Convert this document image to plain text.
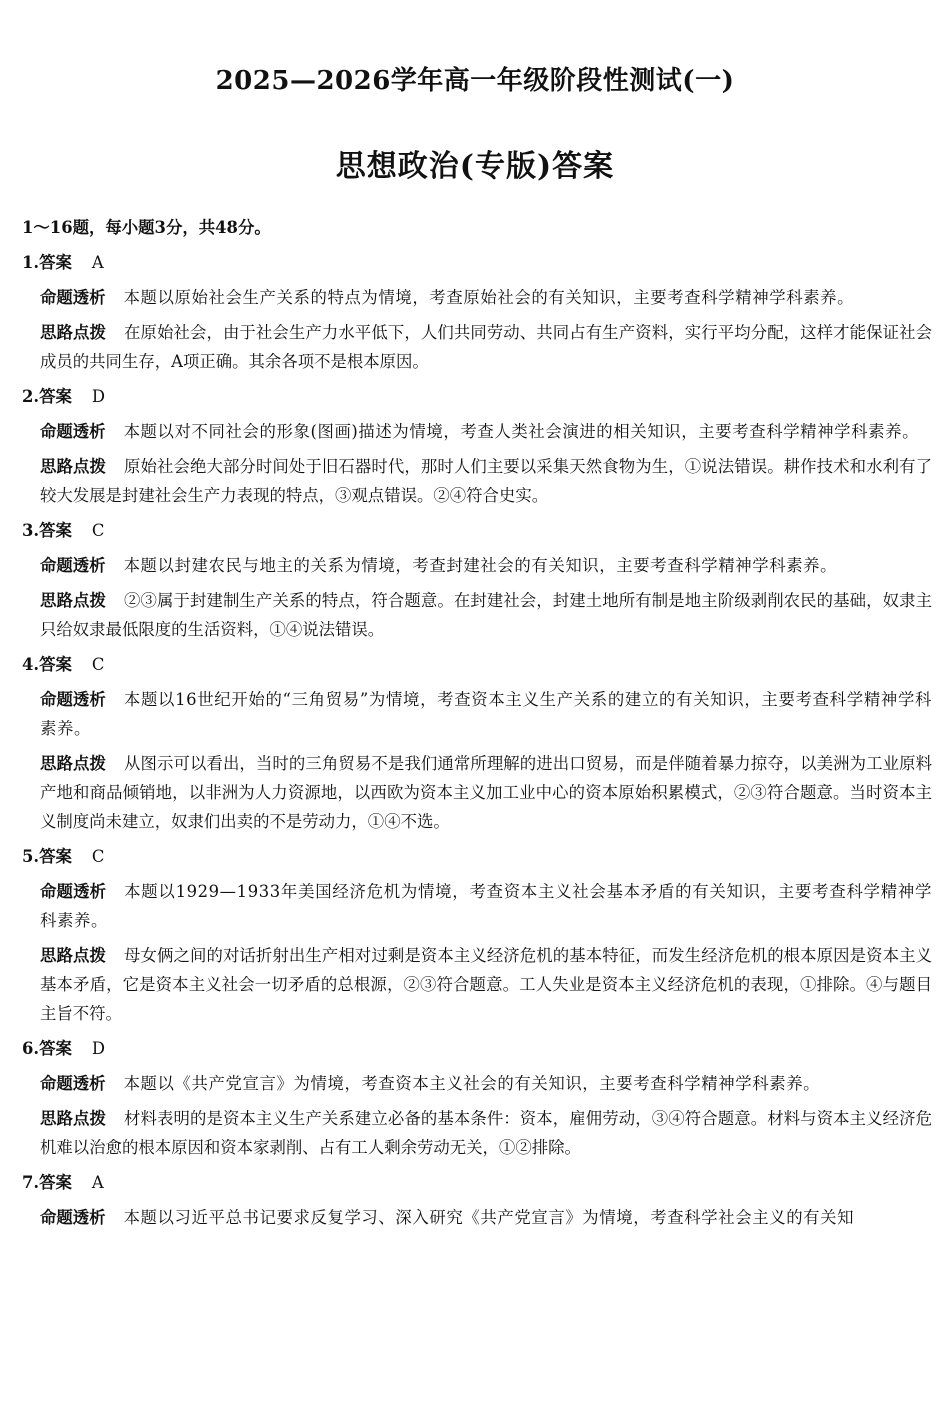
2025—2026学年高一年级阶段性测试(一)
思想政治(专版)答案
1～16题，每小题3分，共48分。
1.答案 A
命题透析 本题以原始社会生产关系的特点为情境，考查原始社会的有关知识，主要考查科学精神学科素养。
思路点拨 在原始社会，由于社会生产力水平低下，人们共同劳动、共同占有生产资料，实行平均分配，这样才能保证社会成员的共同生存，A项正确。其余各项不是根本原因。
2.答案 D
命题透析 本题以对不同社会的形象(图画)描述为情境，考查人类社会演进的相关知识，主要考查科学精神学科素养。
思路点拨 原始社会绝大部分时间处于旧石器时代，那时人们主要以采集天然食物为生，①说法错误。耕作技术和水利有了较大发展是封建社会生产力表现的特点，③观点错误。②④符合史实。
3.答案 C
命题透析 本题以封建农民与地主的关系为情境，考查封建社会的有关知识，主要考查科学精神学科素养。
思路点拨 ②③属于封建制生产关系的特点，符合题意。在封建社会，封建土地所有制是地主阶级剥削农民的基础，奴隶主只给奴隶最低限度的生活资料，①④说法错误。
4.答案 C
命题透析 本题以16世纪开始的“三角贸易”为情境，考查资本主义生产关系的建立的有关知识，主要考查科学精神学科素养。
思路点拨 从图示可以看出，当时的三角贸易不是我们通常所理解的进出口贸易，而是伴随着暴力掠夺，以美洲为工业原料产地和商品倾销地，以非洲为人力资源地，以西欧为资本主义加工业中心的资本原始积累模式，②③符合题意。当时资本主义制度尚未建立，奴隶们出卖的不是劳动力，①④不选。
5.答案 C
命题透析 本题以1929—1933年美国经济危机为情境，考查资本主义社会基本矛盾的有关知识，主要考查科学精神学科素养。
思路点拨 母女俩之间的对话折射出生产相对过剩是资本主义经济危机的基本特征，而发生经济危机的根本原因是资本主义基本矛盾，它是资本主义社会一切矛盾的总根源，②③符合题意。工人失业是资本主义经济危机的表现，①排除。④与题目主旨不符。
6.答案 D
命题透析 本题以《共产党宣言》为情境，考查资本主义社会的有关知识，主要考查科学精神学科素养。
思路点拨 材料表明的是资本主义生产关系建立必备的基本条件：资本，雇佣劳动，③④符合题意。材料与资本主义经济危机难以治愈的根本原因和资本家剥削、占有工人剩余劳动无关，①②排除。
7.答案 A
命题透析 本题以习近平总书记要求反复学习、深入研究《共产党宣言》为情境，考查科学社会主义的有关知
